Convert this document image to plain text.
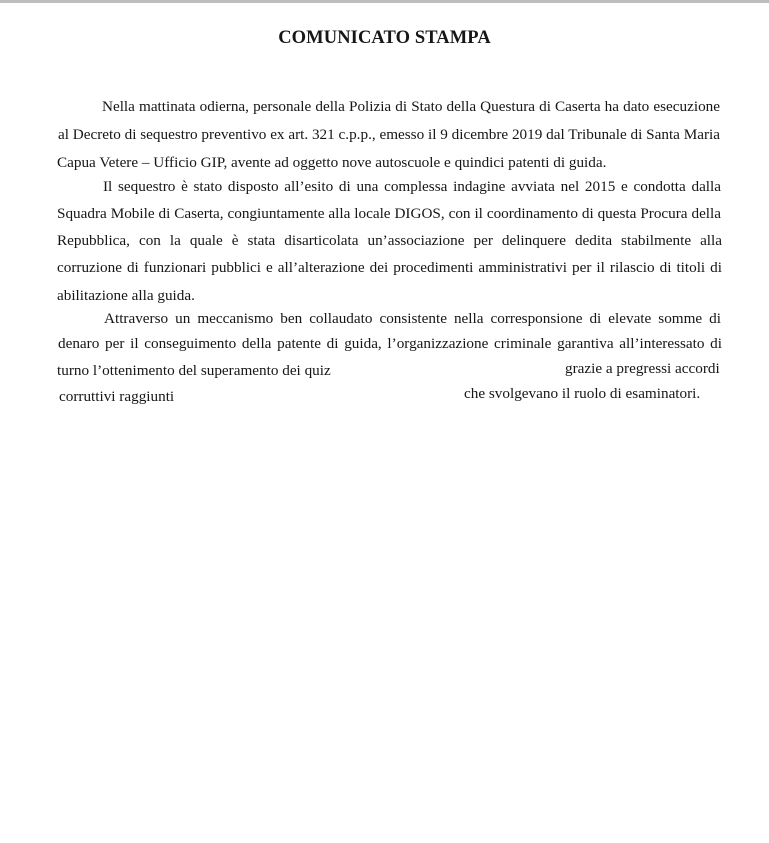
COMUNICATO STAMPA
Nella mattinata odierna, personale della Polizia di Stato della Questura di Caserta ha dato esecuzione
al Decreto di sequestro preventivo ex art. 321 c.p.p., emesso il 9 dicembre 2019 dal Tribunale di Santa Maria
Capua Vetere – Ufficio GIP, avente ad oggetto nove autoscuole e quindici patenti di guida.
Il sequestro è stato disposto all’esito di una complessa indagine avviata nel 2015 e condotta dalla
Squadra Mobile di Caserta, congiuntamente alla locale DIGOS, con il coordinamento di questa Procura della
Repubblica, con la quale è stata disarticolata un’associazione per delinquere dedita stabilmente alla
corruzione di funzionari pubblici e all’alterazione dei procedimenti amministrativi per il rilascio di titoli di
abilitazione alla guida.
Attraverso un meccanismo ben collaudato consistente nella corresponsione di elevate somme di
denaro per il conseguimento della patente di guida, l’organizzazione criminale garantiva all’interessato di
turno l’ottenimento del superamento dei quiz	grazie a pregressi accordi
corruttivi raggiunti	che svolgevano il ruolo di esaminatori.
